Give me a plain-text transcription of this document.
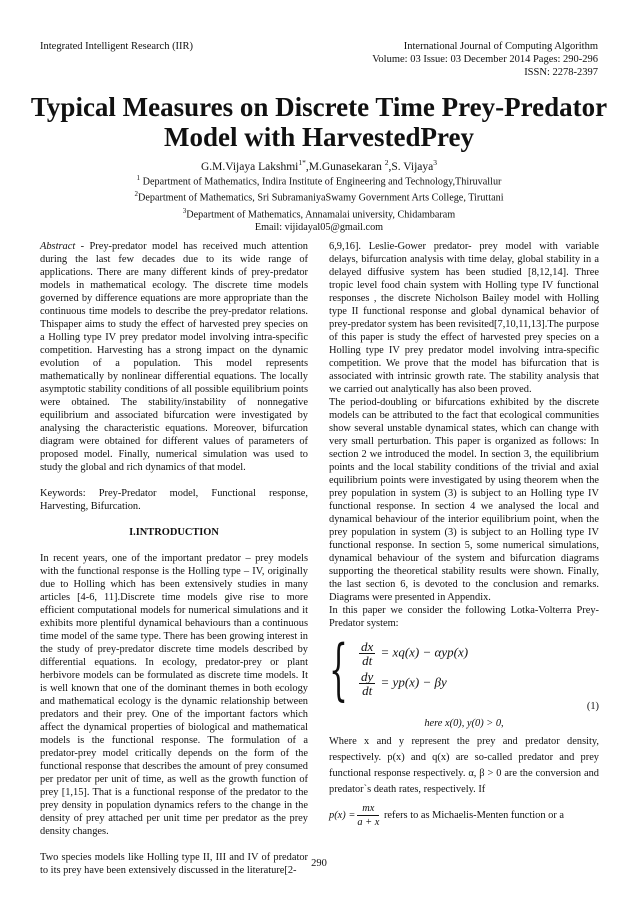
Integrated Intelligent Research (IIR)	International Journal of Computing Algorithm
Volume: 03 Issue: 03 December 2014 Pages: 290-296
ISSN: 2278-2397
Typical Measures on Discrete Time Prey-Predator
Model with HarvestedPrey
G.M.Vijaya Lakshmi$^{1*}$,M.Gunasekaran $^2$,S. Vijaya$^3$
$^1$ Department of Mathematics, Indira Institute of Engineering and Technology,Thiruvallur
$^2$Department of Mathematics, Sri SubramaniyaSwamy Government Arts College, Tiruttani
$^3$Department of Mathematics, Annamalai university, Chidambaram
Email: vijidayal05@gmail.com

Abstract - Prey-predator model has received much attention during the last few decades due to its wide range of applications. There are many different kinds of prey-predator models in mathematical ecology. The discrete time models governed by difference equations are more appropriate than the continuous time models to describe the prey-predator relations. Thispaper aims to study the effect of harvested prey species on a Holling type IV prey predator model involving intra-specific competition. Harvesting has a strong impact on the dynamic evolution of a population. This model represents mathematically by nonlinear differential equations. The locally asymptotic stability conditions of all possible equilibrium points were obtained. The stability/instability of nonnegative equilibrium and associated bifurcation were investigated by analysing the characteristic equations. Moreover, bifurcation diagram were obtained for different values of parameters of proposed model. Finally, numerical simulation was used to study the global and rich dynamics of that model.

Keywords: Prey-Predator model, Functional response, Harvesting, Bifurcation.

I.INTRODUCTION

In recent years, one of the important predator – prey models with the functional response is the Holling type – IV, originally due to Holling which has been extensively studies in many articles [4-6, 11].Discrete time models give rise to more efficient computational models for numerical simulations and it exhibits more plentiful dynamical behaviours than a continuous time model of the same type. There has been growing interest in the study of prey-predator discrete time models described by differential equations. In ecology, predator-prey or plant herbivore models can be formulated as discrete time models. It is well known that one of the dominant themes in both ecology and mathematical ecology is the dynamic relationship between predators and their prey. One of the important factors which affect the dynamical properties of biological and mathematical models is the functional response. The formulation of a predator-prey model critically depends on the form of the functional response that describes the amount of prey consumed per predator per unit of time, as well as the growth function of prey [1,15]. That is a functional response of the predator to the prey density in population dynamics refers to the change in the density of prey attached per unit time per predator as the prey density changes.

Two species models like Holling type II, III and IV of predator to its prey have been extensively discussed in the literature[2-

6,9,16]. Leslie-Gower predator- prey model with variable delays, bifurcation analysis with time delay, global stability in a delayed diffusive system has been studied [8,12,14]. Three tropic level food chain system with Holling type IV functional responses , the discrete Nicholson Bailey model with Holling type II functional response and global dynamical behavior of prey-predator system has been revisited[7,10,11,13].The purpose of this paper is study the effect of harvested prey species on a Holling type IV prey predator model involving intra-specific competition. We prove that the model has bifurcation that is associated with intrinsic growth rate. The stability analysis that we carried out analytically has also been proved.

The period-doubling or bifurcations exhibited by the discrete models can be attributed to the fact that ecological communities show several unstable dynamical states, which can change with very small perturbation. This paper is organized as follows: In section 2 we introduced the model. In section 3, the equilibrium points and the local stability conditions of the trivial and axial equilibrium points were investigated by using theorem when the prey population in system (3) is subject to an Holling type IV functional response. In section 4 we analysed the local and dynamical behaviour of the interior equilibrium point, when the prey population in system (3) is subject to an Holling type IV functional response. In section 5, some numerical simulations, dynamical behaviour of the system and bifurcation diagrams supporting the theoretical stability results were shown. Finally, the last section 6, is devoted to the conclusion and remarks. Diagrams were presented in Appendix.

In this paper we consider the following Lotka-Volterra Prey-Predator system:

{ $\frac{dx}{dt} = xq(x) - \alpha yp(x)$
$\frac{dy}{dt} = yp(x) - \beta y$

(1)

here x(0), y(0) > 0,

Where x and y represent the prey and predator density, respectively. p(x) and q(x) are so-called predator and prey functional response respectively. α, β > 0 are the conversion and predator`s death rates, respectively. If

$p(x) = \frac{mx}{a + x}$ refers to as Michaelis-Menten function or a

290
